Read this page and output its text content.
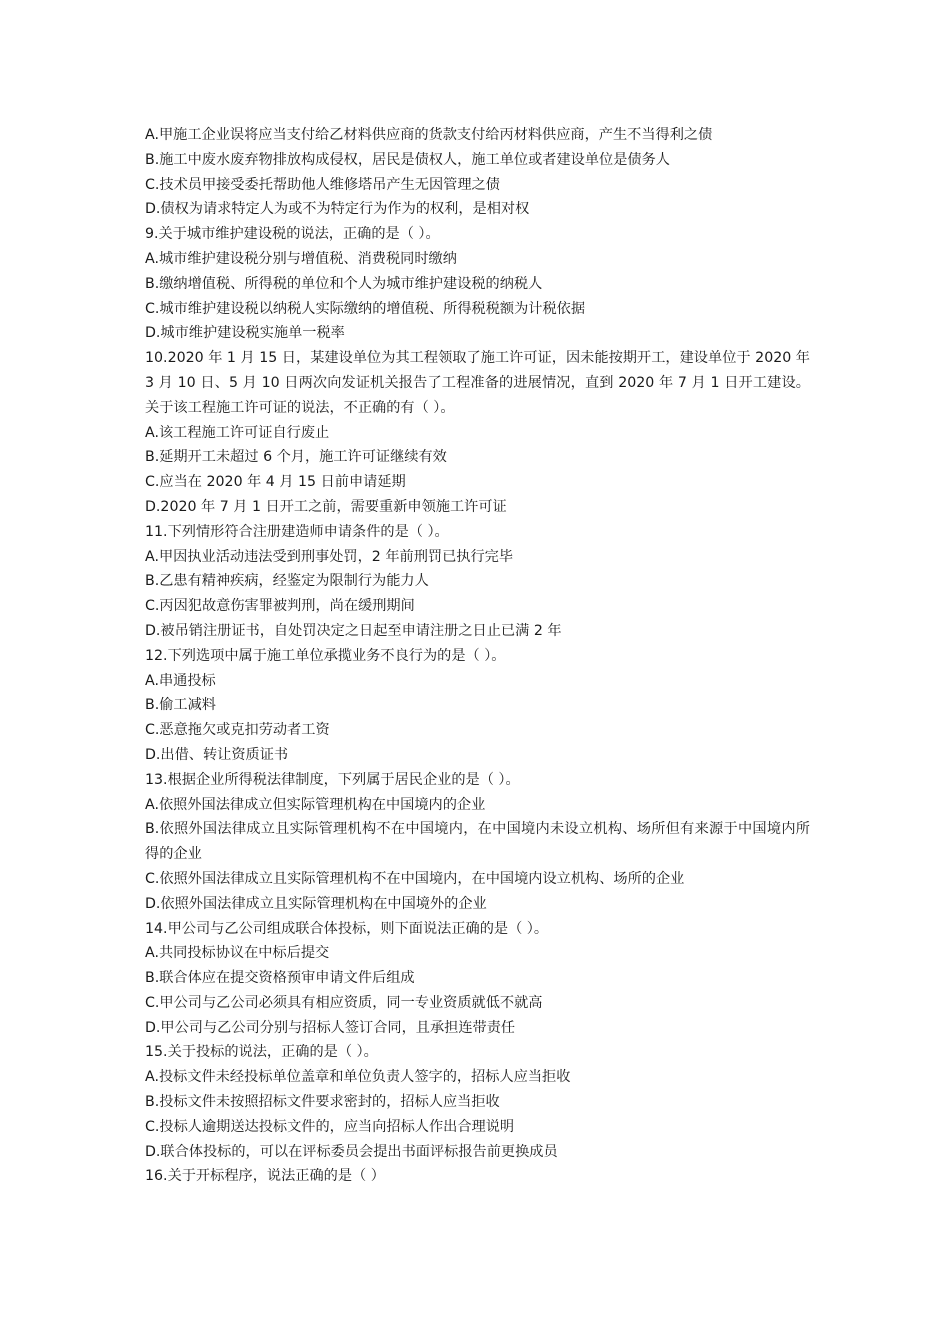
A.甲施工企业误将应当支付给乙材料供应商的货款支付给丙材料供应商，产生不当得利之债
B.施工中废水废弃物排放构成侵权，居民是债权人，施工单位或者建设单位是债务人
C.技术员甲接受委托帮助他人维修塔吊产生无因管理之债
D.债权为请求特定人为或不为特定行为作为的权利，是相对权
9.关于城市维护建设税的说法，正确的是（ ）。
A.城市维护建设税分别与增值税、消费税同时缴纳
B.缴纳增值税、所得税的单位和个人为城市维护建设税的纳税人
C.城市维护建设税以纳税人实际缴纳的增值税、所得税税额为计税依据
D.城市维护建设税实施单一税率
10.2020 年 1 月 15 日，某建设单位为其工程领取了施工许可证，因未能按期开工，建设单位于 2020 年 3 月 10 日、5 月 10 日两次向发证机关报告了工程准备的进展情况，直到 2020 年 7 月 1 日开工建设。关于该工程施工许可证的说法，不正确的有（ ）。
A.该工程施工许可证自行废止
B.延期开工未超过 6 个月，施工许可证继续有效
C.应当在 2020 年 4 月 15 日前申请延期
D.2020 年 7 月 1 日开工之前，需要重新申领施工许可证
11.下列情形符合注册建造师申请条件的是（ ）。
A.甲因执业活动违法受到刑事处罚，2 年前刑罚已执行完毕
B.乙患有精神疾病，经鉴定为限制行为能力人
C.丙因犯故意伤害罪被判刑，尚在缓刑期间
D.被吊销注册证书，自处罚决定之日起至申请注册之日止已满 2 年
12.下列选项中属于施工单位承揽业务不良行为的是（ ）。
A.串通投标
B.偷工减料
C.恶意拖欠或克扣劳动者工资
D.出借、转让资质证书
13.根据企业所得税法律制度，下列属于居民企业的是（ ）。
A.依照外国法律成立但实际管理机构在中国境内的企业
B.依照外国法律成立且实际管理机构不在中国境内，在中国境内未设立机构、场所但有来源于中国境内所得的企业
C.依照外国法律成立且实际管理机构不在中国境内，在中国境内设立机构、场所的企业
D.依照外国法律成立且实际管理机构在中国境外的企业
14.甲公司与乙公司组成联合体投标，则下面说法正确的是（ ）。
A.共同投标协议在中标后提交
B.联合体应在提交资格预审申请文件后组成
C.甲公司与乙公司必须具有相应资质，同一专业资质就低不就高
D.甲公司与乙公司分别与招标人签订合同，且承担连带责任
15.关于投标的说法，正确的是（ ）。
A.投标文件未经投标单位盖章和单位负责人签字的，招标人应当拒收
B.投标文件未按照招标文件要求密封的，招标人应当拒收
C.投标人逾期送达投标文件的，应当向招标人作出合理说明
D.联合体投标的，可以在评标委员会提出书面评标报告前更换成员
16.关于开标程序，说法正确的是（ ）
